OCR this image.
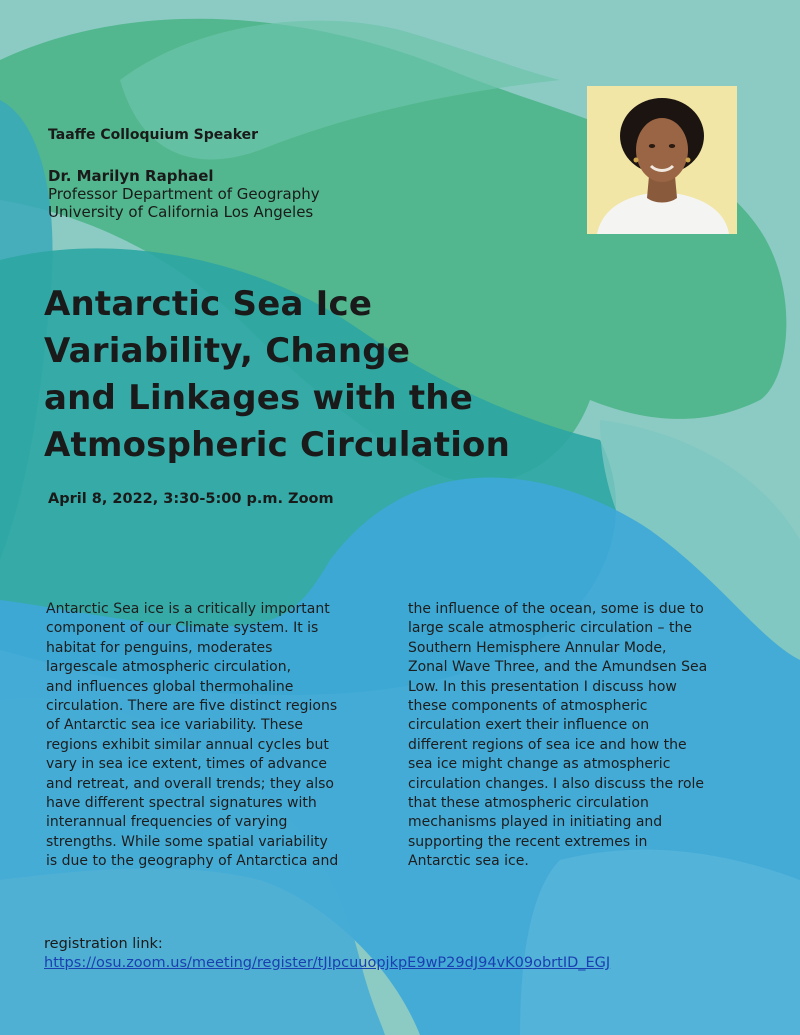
Taaffe Colloquium Speaker
Dr. Marilyn Raphael
Professor Department of Geography
University of California Los Angeles
Antarctic Sea Ice
Variability, Change
and Linkages with the
Atmospheric Circulation
April 8, 2022, 3:30-5:00 p.m. Zoom
Antarctic Sea ice is a critically important
component of our Climate system. It is
habitat for penguins, moderates
largescale atmospheric circulation,
and influences global thermohaline
circulation. There are five distinct regions
of Antarctic sea ice variability. These
regions exhibit similar annual cycles but
vary in sea ice extent, times of advance
and retreat, and overall trends; they also
have different spectral signatures with
interannual frequencies of varying
strengths. While some spatial variability
is due to the geography of Antarctica and
the influence of the ocean, some is due to
large scale atmospheric circulation – the
Southern Hemisphere Annular Mode,
Zonal Wave Three, and the Amundsen Sea
Low. In this presentation I discuss how
these components of atmospheric
circulation exert their influence on
different regions of sea ice and how the
sea ice might change as atmospheric
circulation changes. I also discuss the role
that these atmospheric circulation
mechanisms played in initiating and
supporting the recent extremes in
Antarctic sea ice.
registration link:
https://osu.zoom.us/meeting/register/tJIpcuuopjkpE9wP29dJ94vK09obrtID_EGJ
